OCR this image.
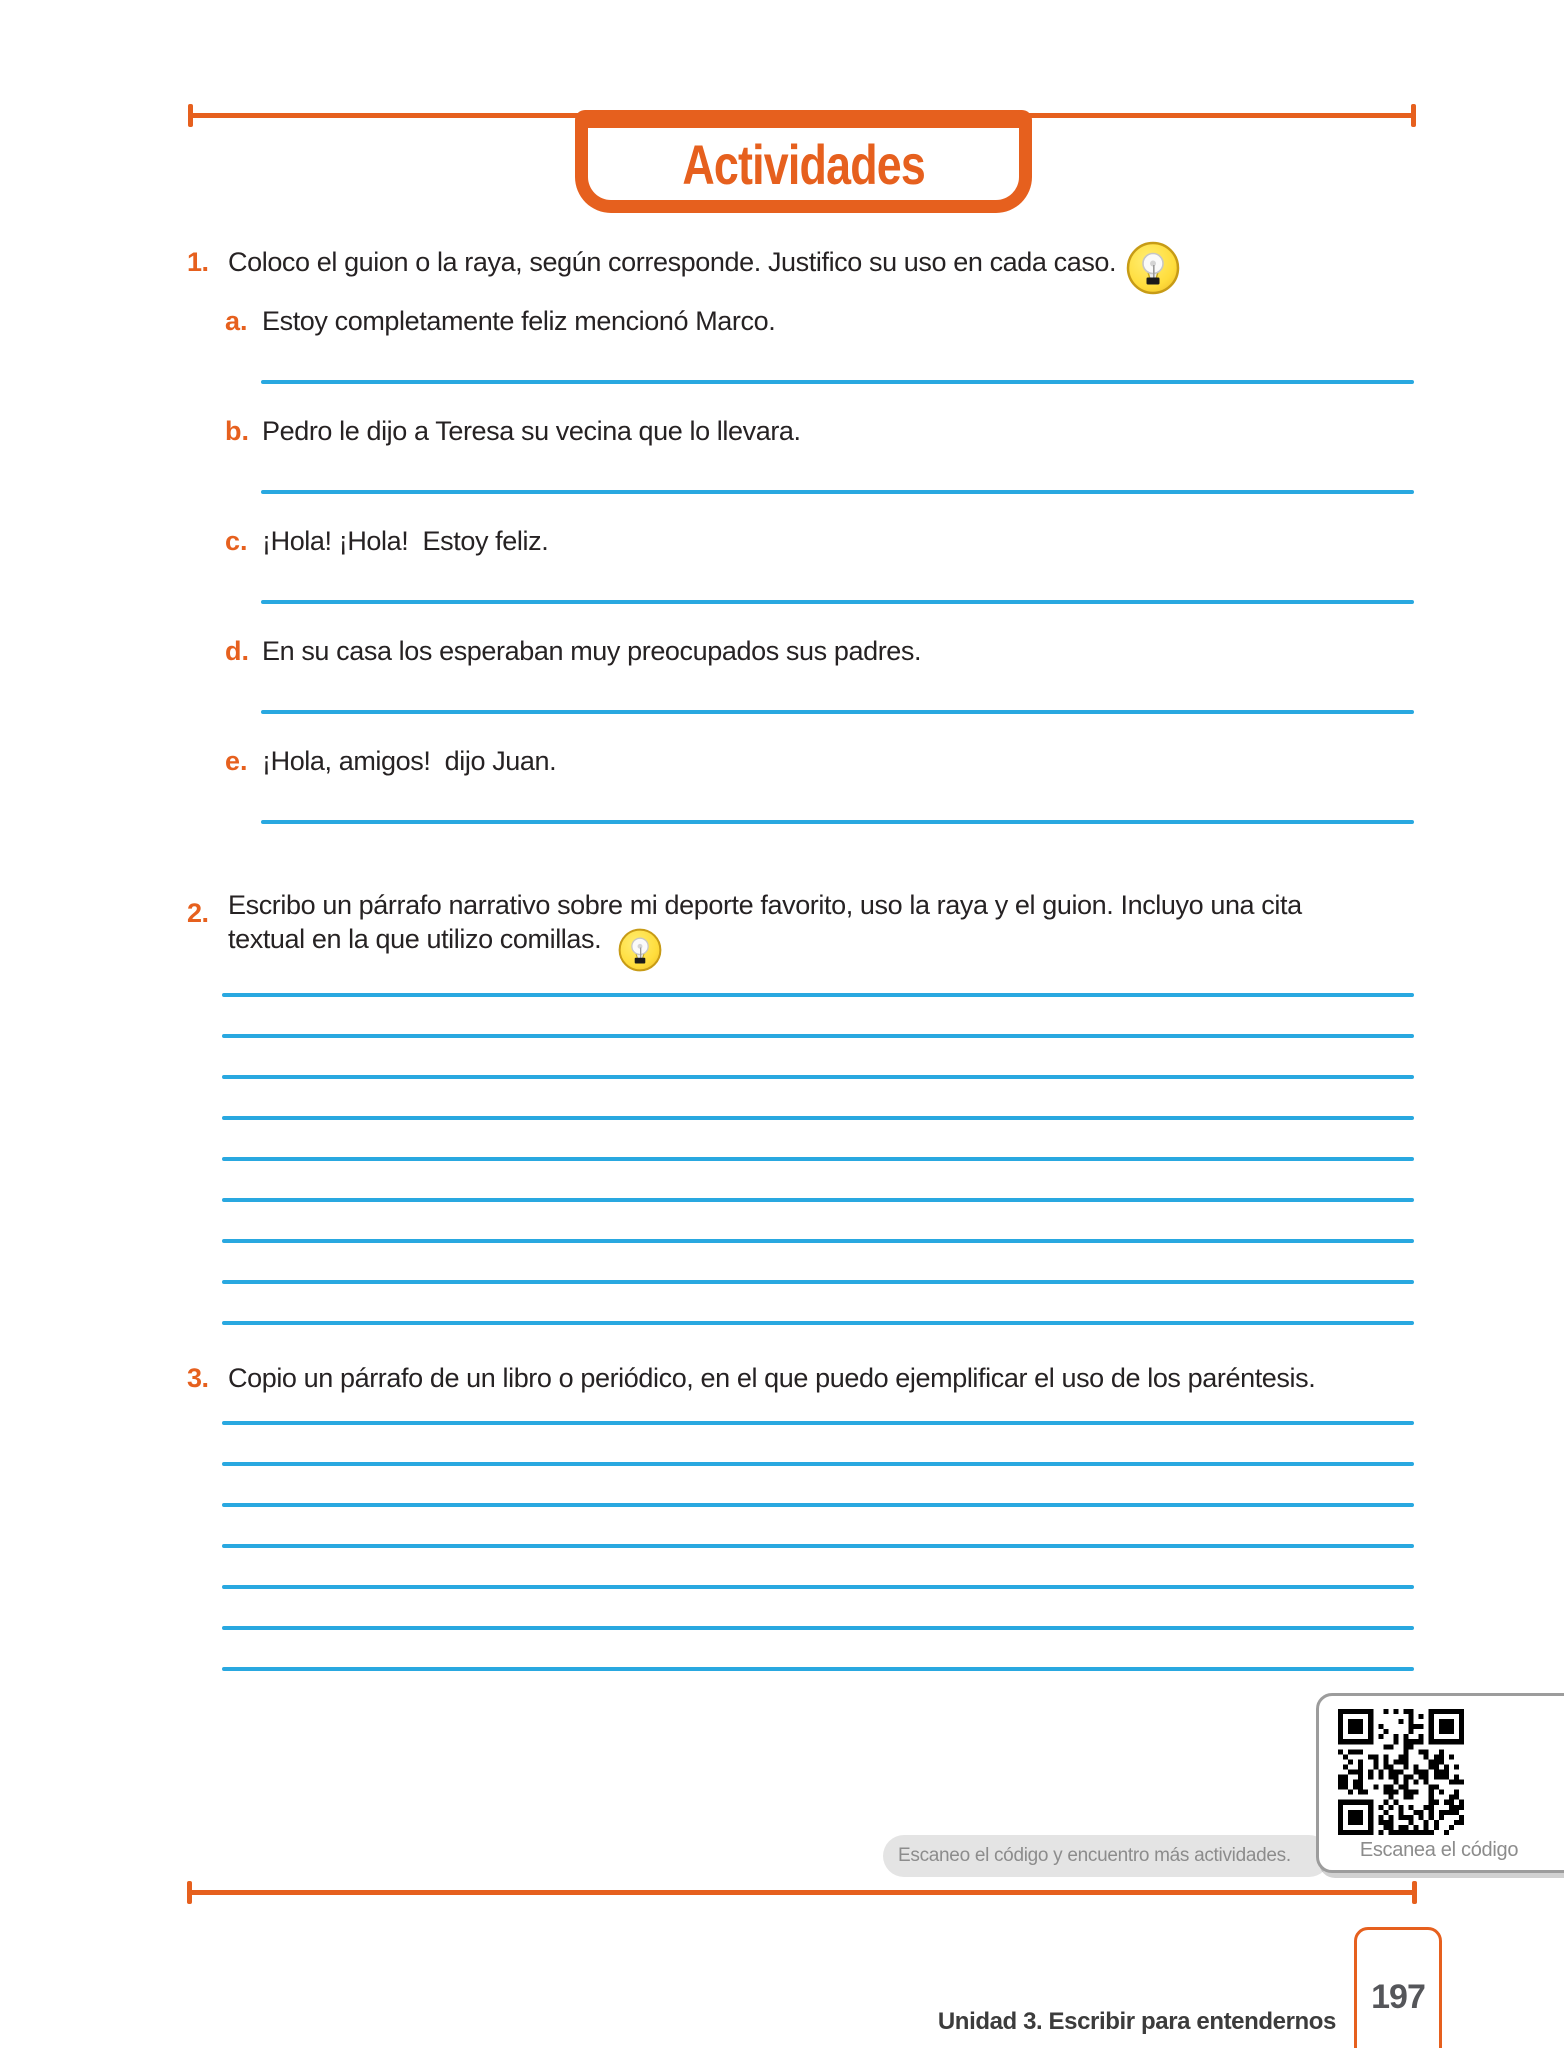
Actividades
1. Coloco el guion o la raya, según corresponde. Justifico su uso en cada caso.
a. Estoy completamente feliz mencionó Marco.
b. Pedro le dijo a Teresa su vecina que lo llevara.
c. ¡Hola! ¡Hola!  Estoy feliz.
d. En su casa los esperaban muy preocupados sus padres.
e. ¡Hola, amigos!  dijo Juan.
2. Escribo un párrafo narrativo sobre mi deporte favorito, uso la raya y el guion. Incluyo una cita
textual en la que utilizo comillas.
3. Copio un párrafo de un libro o periódico, en el que puedo ejemplificar el uso de los paréntesis.
Escaneo el código y encuentro más actividades.	Escanea el código
Unidad 3. Escribir para entendernos
197
